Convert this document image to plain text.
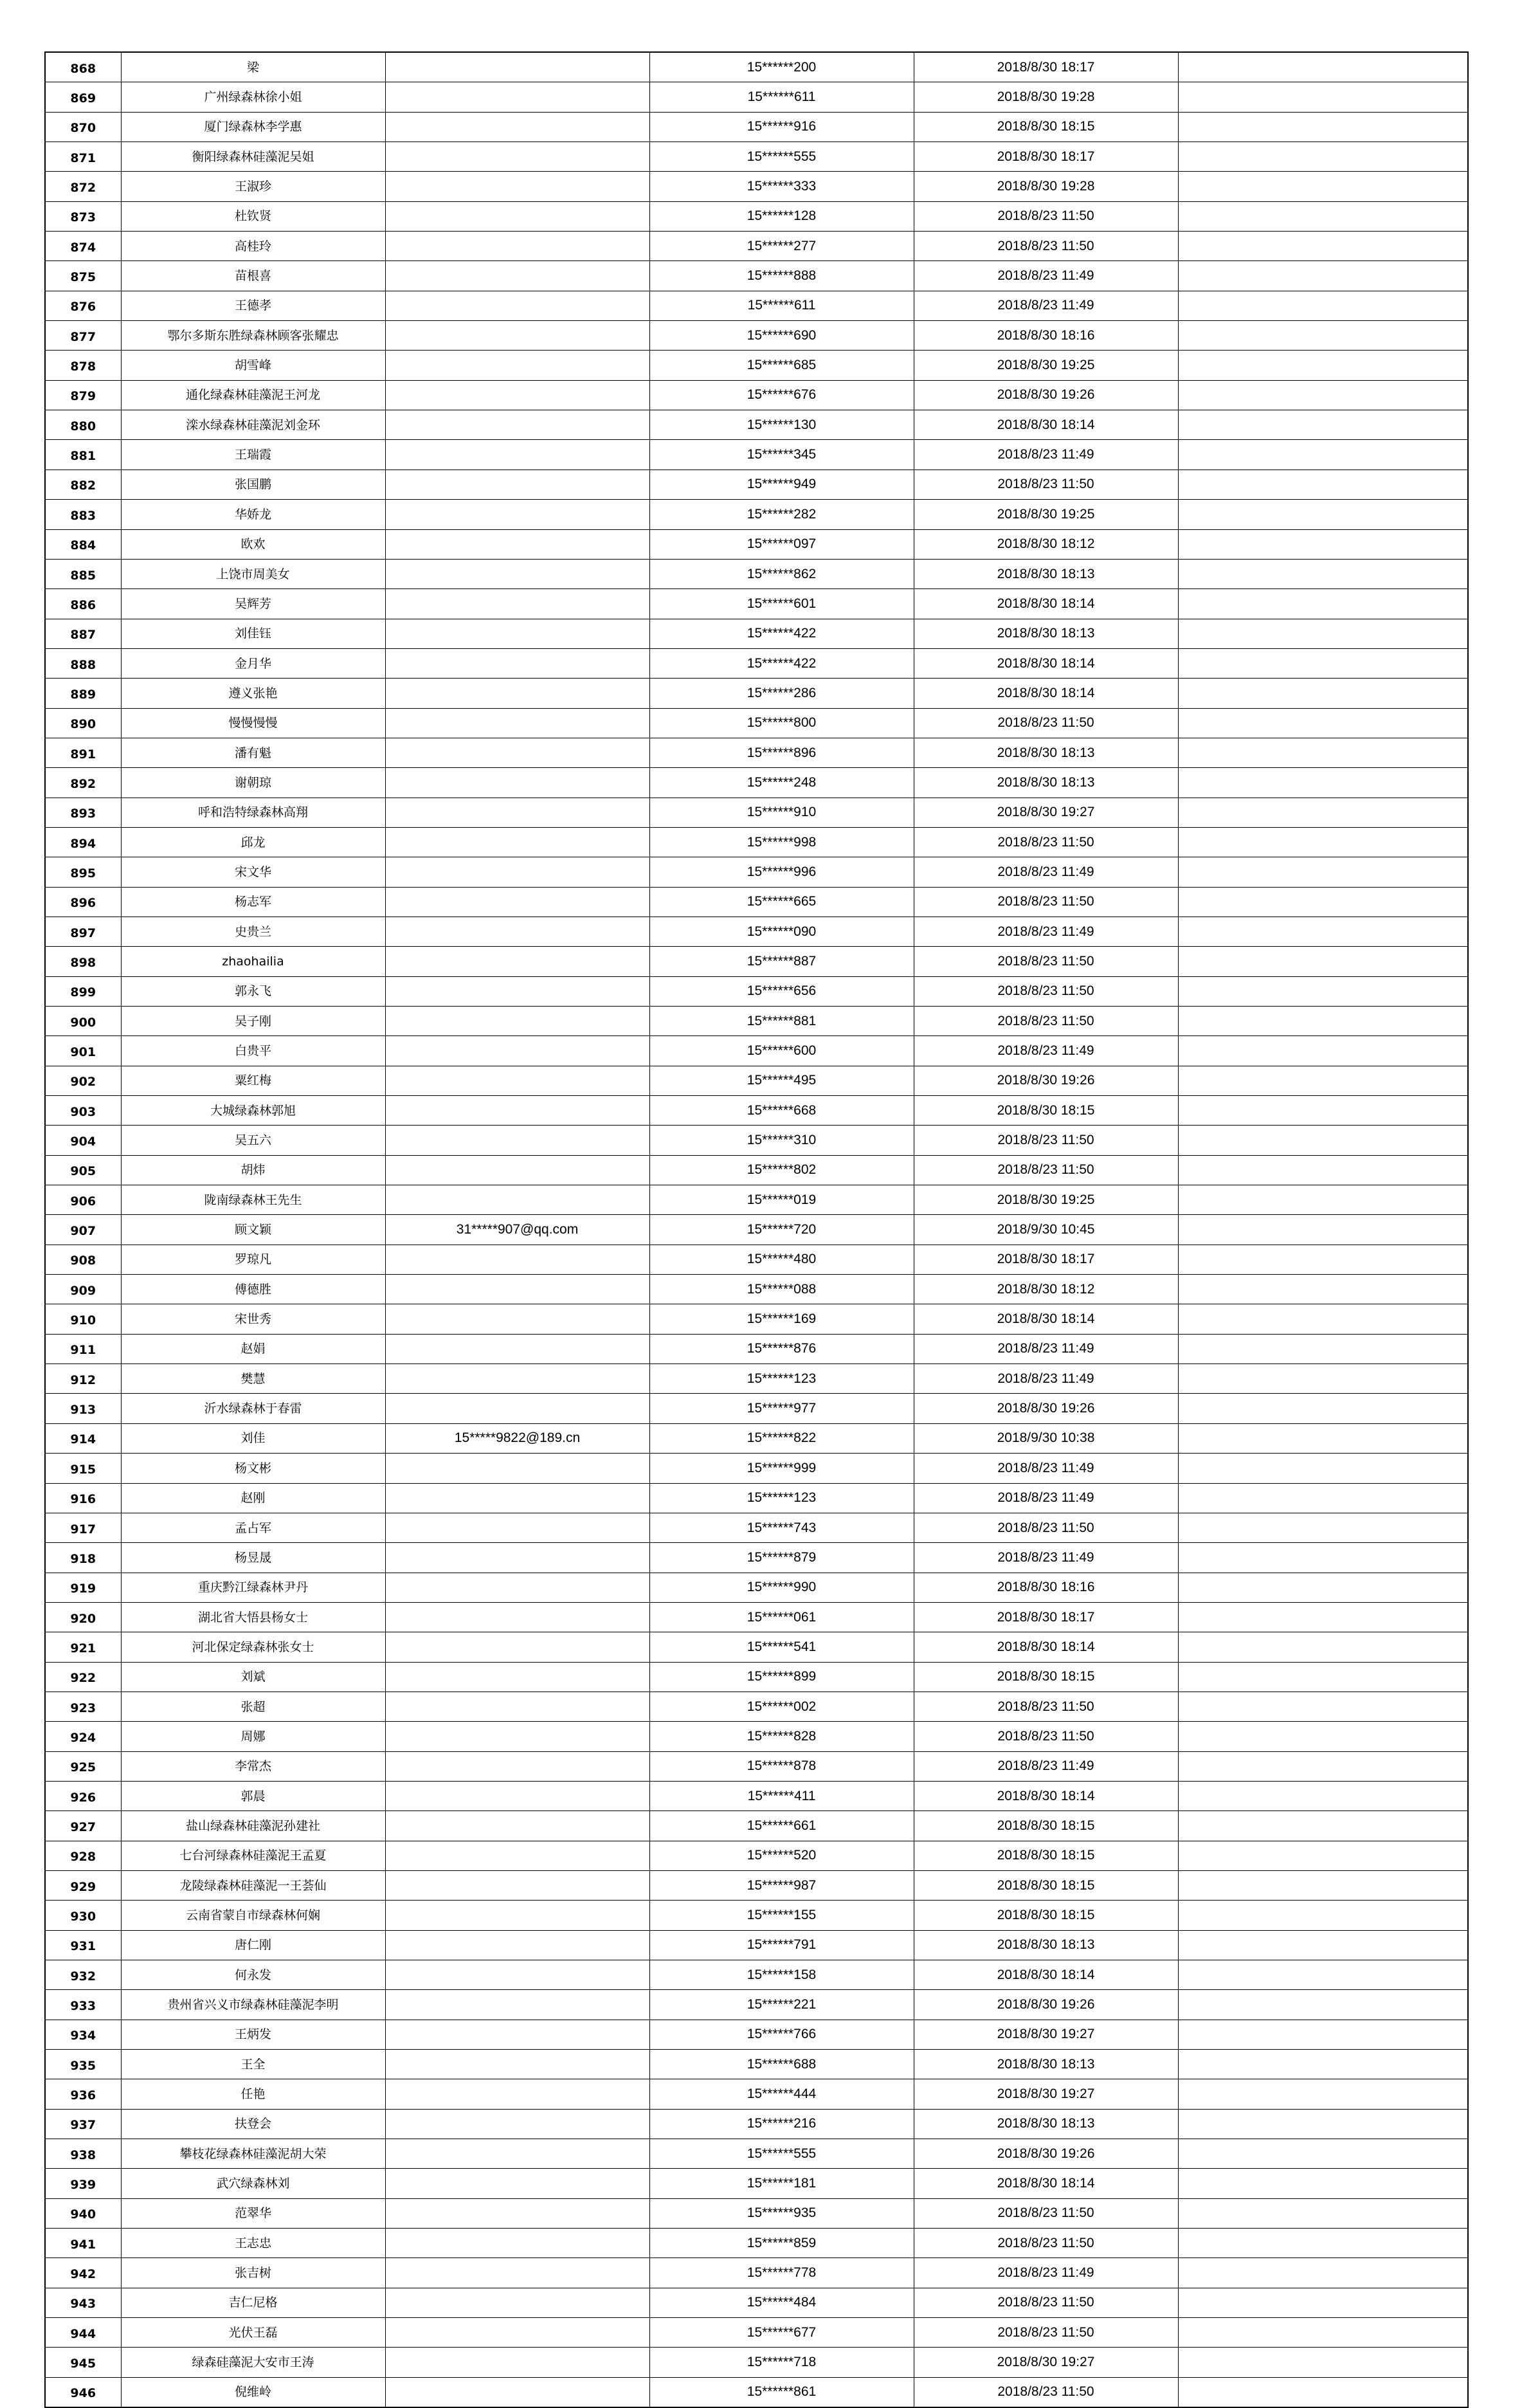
868	梁		15******200	2018/8/30 18:17	
869	广州绿森林徐小姐		15******611	2018/8/30 19:28	
870	厦门绿森林李学惠		15******916	2018/8/30 18:15	
871	衡阳绿森林硅藻泥吴姐		15******555	2018/8/30 18:17	
872	王淑珍		15******333	2018/8/30 19:28	
873	杜钦贤		15******128	2018/8/23 11:50	
874	高桂玲		15******277	2018/8/23 11:50	
875	苗根喜		15******888	2018/8/23 11:49	
876	王德孝		15******611	2018/8/23 11:49	
877	鄂尔多斯东胜绿森林顾客张耀忠		15******690	2018/8/30 18:16	
878	胡雪峰		15******685	2018/8/30 19:25	
879	通化绿森林硅藻泥王河龙		15******676	2018/8/30 19:26	
880	滦水绿森林硅藻泥刘金环		15******130	2018/8/30 18:14	
881	王瑞霞		15******345	2018/8/23 11:49	
882	张国鹏		15******949	2018/8/23 11:50	
883	华娇龙		15******282	2018/8/30 19:25	
884	欧欢		15******097	2018/8/30 18:12	
885	上饶市周美女		15******862	2018/8/30 18:13	
886	吴辉芳		15******601	2018/8/30 18:14	
887	刘佳钰		15******422	2018/8/30 18:13	
888	金月华		15******422	2018/8/30 18:14	
889	遵义张艳		15******286	2018/8/30 18:14	
890	慢慢慢慢		15******800	2018/8/23 11:50	
891	潘有魁		15******896	2018/8/30 18:13	
892	谢朝琼		15******248	2018/8/30 18:13	
893	呼和浩特绿森林高翔		15******910	2018/8/30 19:27	
894	邱龙		15******998	2018/8/23 11:50	
895	宋文华		15******996	2018/8/23 11:49	
896	杨志军		15******665	2018/8/23 11:50	
897	史贵兰		15******090	2018/8/23 11:49	
898	zhaohailia		15******887	2018/8/23 11:50	
899	郭永飞		15******656	2018/8/23 11:50	
900	吴子刚		15******881	2018/8/23 11:50	
901	白贵平		15******600	2018/8/23 11:49	
902	粟红梅		15******495	2018/8/30 19:26	
903	大城绿森林郭旭		15******668	2018/8/30 18:15	
904	吴五六		15******310	2018/8/23 11:50	
905	胡炜		15******802	2018/8/23 11:50	
906	陇南绿森林王先生		15******019	2018/8/30 19:25	
907	顾文颖	31*****907@qq.com	15******720	2018/9/30 10:45	
908	罗琼凡		15******480	2018/8/30 18:17	
909	傅德胜		15******088	2018/8/30 18:12	
910	宋世秀		15******169	2018/8/30 18:14	
911	赵娟		15******876	2018/8/23 11:49	
912	樊慧		15******123	2018/8/23 11:49	
913	沂水绿森林于春雷		15******977	2018/8/30 19:26	
914	刘佳	15*****9822@189.cn	15******822	2018/9/30 10:38	
915	杨文彬		15******999	2018/8/23 11:49	
916	赵刚		15******123	2018/8/23 11:49	
917	孟占军		15******743	2018/8/23 11:50	
918	杨昱晟		15******879	2018/8/23 11:49	
919	重庆黔江绿森林尹丹		15******990	2018/8/30 18:16	
920	湖北省大悟县杨女士		15******061	2018/8/30 18:17	
921	河北保定绿森林张女士		15******541	2018/8/30 18:14	
922	刘斌		15******899	2018/8/30 18:15	
923	张超		15******002	2018/8/23 11:50	
924	周娜		15******828	2018/8/23 11:50	
925	李常杰		15******878	2018/8/23 11:49	
926	郭晨		15******411	2018/8/30 18:14	
927	盐山绿森林硅藻泥孙建社		15******661	2018/8/30 18:15	
928	七台河绿森林硅藻泥王孟夏		15******520	2018/8/30 18:15	
929	龙陵绿森林硅藻泥一王荟仙		15******987	2018/8/30 18:15	
930	云南省蒙自市绿森林何娴		15******155	2018/8/30 18:15	
931	唐仁刚		15******791	2018/8/30 18:13	
932	何永发		15******158	2018/8/30 18:14	
933	贵州省兴义市绿森林硅藻泥李明		15******221	2018/8/30 19:26	
934	王炳发		15******766	2018/8/30 19:27	
935	王全		15******688	2018/8/30 18:13	
936	任艳		15******444	2018/8/30 19:27	
937	扶登会		15******216	2018/8/30 18:13	
938	攀枝花绿森林硅藻泥胡大荣		15******555	2018/8/30 19:26	
939	武穴绿森林刘		15******181	2018/8/30 18:14	
940	范翠华		15******935	2018/8/23 11:50	
941	王志忠		15******859	2018/8/23 11:50	
942	张吉树		15******778	2018/8/23 11:49	
943	吉仁尼格		15******484	2018/8/23 11:50	
944	光伏王磊		15******677	2018/8/23 11:50	
945	绿森硅藻泥大安市王涛		15******718	2018/8/30 19:27	
946	倪维岭		15******861	2018/8/23 11:50	
